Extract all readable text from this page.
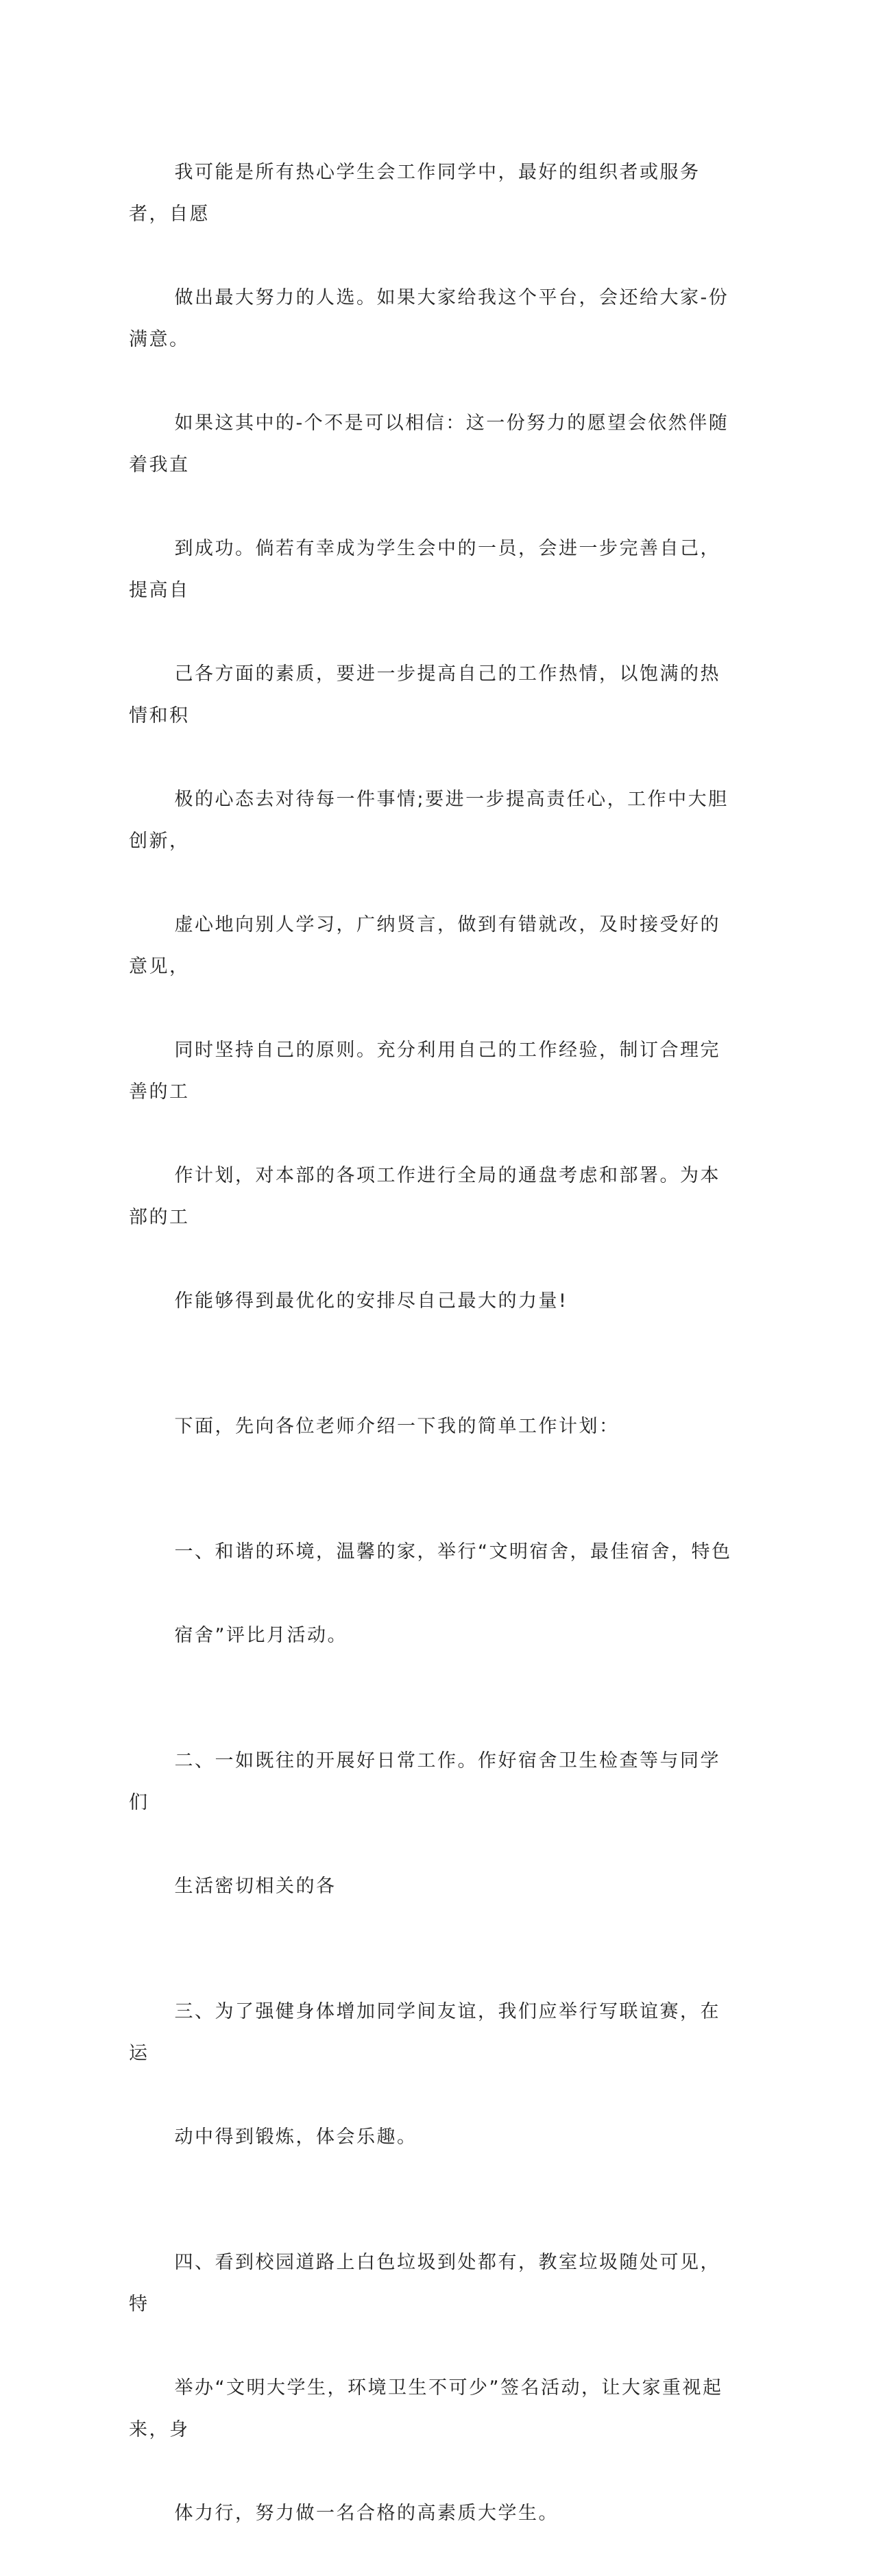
我可能是所有热心学生会工作同学中，最好的组织者或服务者，自愿

做出最大努力的人选。如果大家给我这个平台，会还给大家-份满意。

如果这其中的-个不是可以相信：这一份努力的愿望会依然伴随着我直

到成功。倘若有幸成为学生会中的一员，会进一步完善自己，提高自

己各方面的素质，要进一步提高自己的工作热情，以饱满的热情和积

极的心态去对待每一件事情;要进一步提高责任心，工作中大胆创新，

虚心地向别人学习，广纳贤言，做到有错就改，及时接受好的意见，

同时坚持自己的原则。充分利用自己的工作经验，制订合理完善的工

作计划，对本部的各项工作进行全局的通盘考虑和部署。为本部的工

作能够得到最优化的安排尽自己最大的力量!

下面，先向各位老师介绍一下我的简单工作计划：

一、和谐的环境，温馨的家，举行“文明宿舍，最佳宿舍，特色

宿舍”评比月活动。

二、一如既往的开展好日常工作。作好宿舍卫生检查等与同学们

生活密切相关的各

三、为了强健身体增加同学间友谊，我们应举行写联谊赛，在运

动中得到锻炼，体会乐趣。

四、看到校园道路上白色垃圾到处都有，教室垃圾随处可见，特

举办“文明大学生，环境卫生不可少”签名活动，让大家重视起来，身

体力行，努力做一名合格的高素质大学生。
